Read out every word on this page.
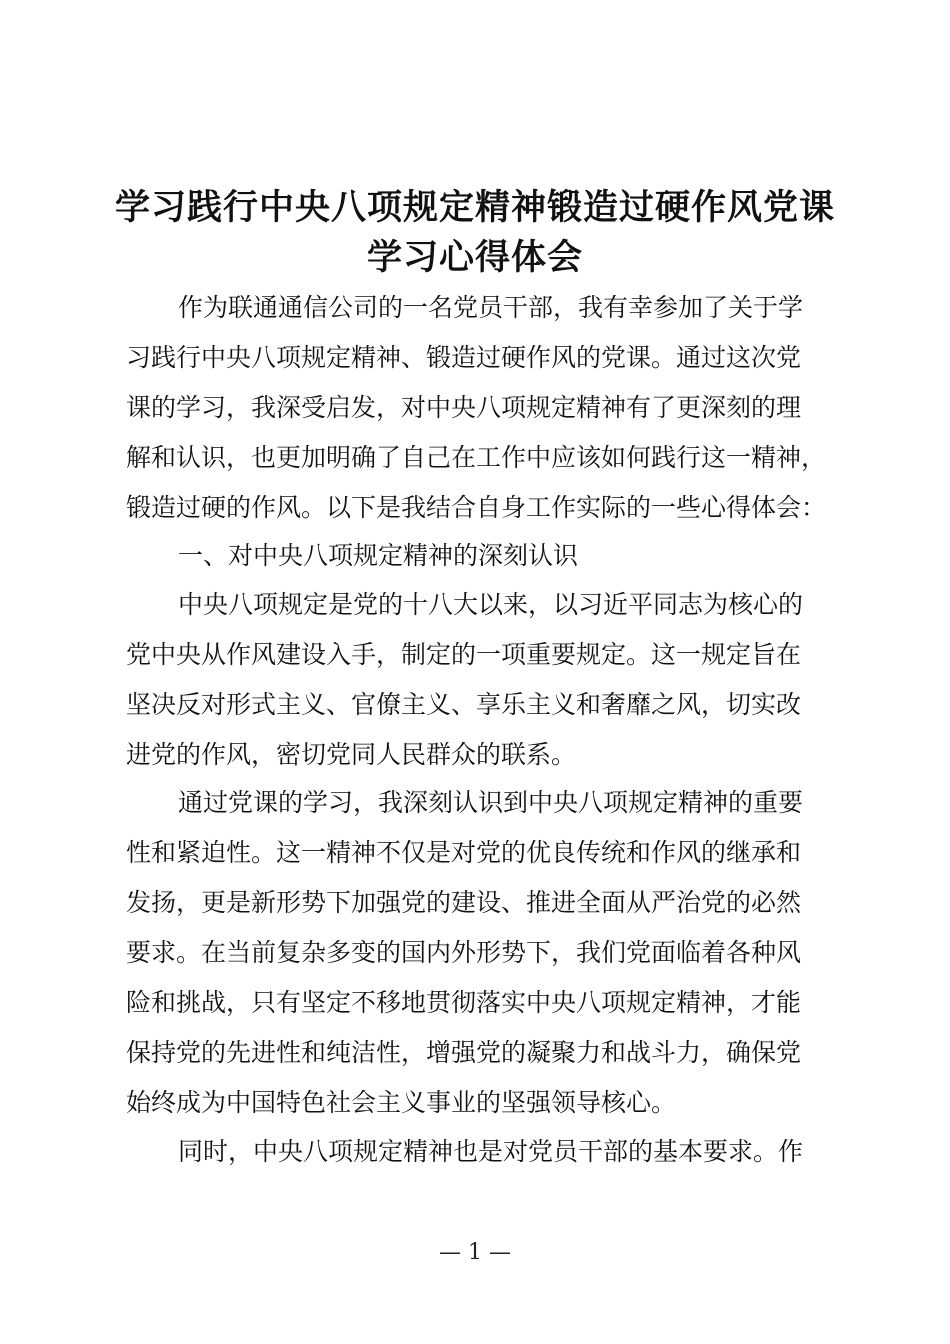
学习践行中央八项规定精神锻造过硬作风党课
学习心得体会

作为联通通信公司的一名党员干部，我有幸参加了关于学
习践行中央八项规定精神、锻造过硬作风的党课。通过这次党
课的学习，我深受启发，对中央八项规定精神有了更深刻的理
解和认识，也更加明确了自己在工作中应该如何践行这一精神，
锻造过硬的作风。以下是我结合自身工作实际的一些心得体会：

一、对中央八项规定精神的深刻认识

中央八项规定是党的十八大以来，以习近平同志为核心的
党中央从作风建设入手，制定的一项重要规定。这一规定旨在
坚决反对形式主义、官僚主义、享乐主义和奢靡之风，切实改
进党的作风，密切党同人民群众的联系。

通过党课的学习，我深刻认识到中央八项规定精神的重要
性和紧迫性。这一精神不仅是对党的优良传统和作风的继承和
发扬，更是新形势下加强党的建设、推进全面从严治党的必然
要求。在当前复杂多变的国内外形势下，我们党面临着各种风
险和挑战，只有坚定不移地贯彻落实中央八项规定精神，才能
保持党的先进性和纯洁性，增强党的凝聚力和战斗力，确保党
始终成为中国特色社会主义事业的坚强领导核心。

同时，中央八项规定精神也是对党员干部的基本要求。作

— 1 —
